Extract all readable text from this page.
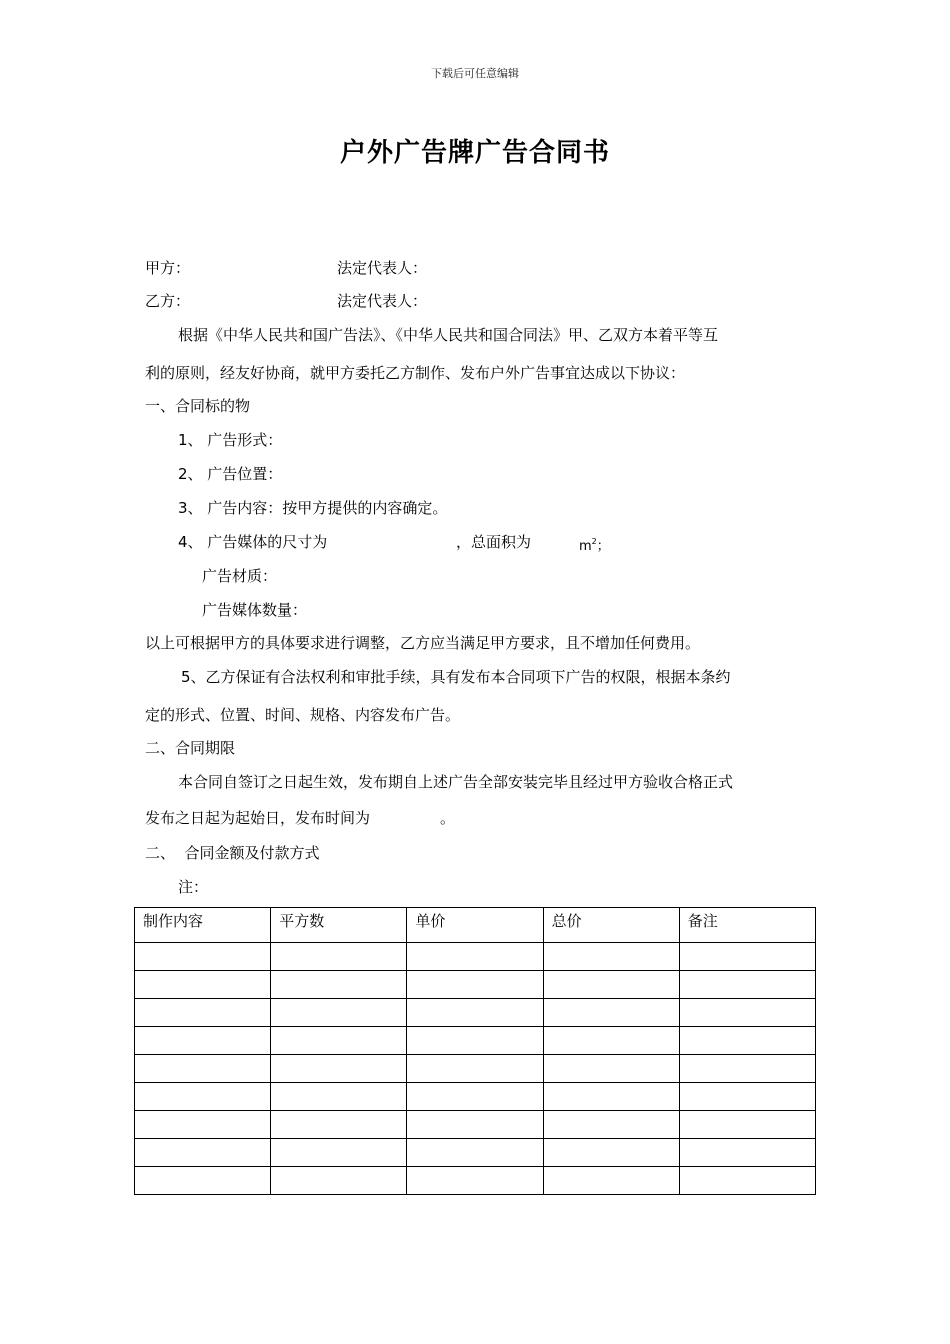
下载后可任意编辑
户外广告牌广告合同书
甲方：	法定代表人：
乙方：	法定代表人：
根据《中华人民共和国广告法》、《中华人民共和国合同法》甲、乙双方本着平等互
利的原则，经友好协商，就甲方委托乙方制作、发布户外广告事宜达成以下协议：
一、合同标的物
1、 广告形式：
2、 广告位置：
3、 广告内容：按甲方提供的内容确定。
4、 广告媒体的尺寸为	，总面积为	$m^2$；
广告材质：
广告媒体数量：
以上可根据甲方的具体要求进行调整，乙方应当满足甲方要求，且不增加任何费用。
5、乙方保证有合法权利和审批手续，具有发布本合同项下广告的权限，根据本条约
定的形式、位置、时间、规格、内容发布广告。
二、合同期限
本合同自签订之日起生效，发布期自上述广告全部安装完毕且经过甲方验收合格正式
发布之日起为起始日，发布时间为	。
二、  合同金额及付款方式
注：
制作内容	平方数	单价	总价	备注
